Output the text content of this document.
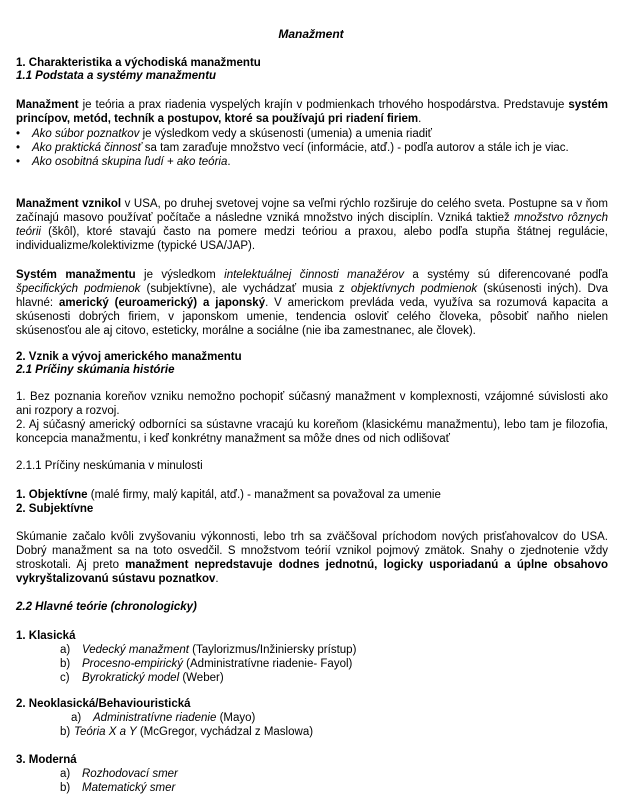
Manažment
1. Charakteristika a východiská manažmentu
1.1 Podstata a systémy manažmentu
Manažment je teória a prax riadenia vyspelých krajín v podmienkach trhového hospodárstva. Predstavuje systém princípov, metód, techník a postupov, ktoré sa používajú pri riadení firiem.
• Ako súbor poznatkov je výsledkom vedy a skúsenosti (umenia) a umenia riadiť
• Ako praktická činnosť sa tam zaraďuje množstvo vecí (informácie, atď.) - podľa autorov a stále ich je viac.
• Ako osobitná skupina ľudí + ako teória.
Manažment vznikol v USA, po druhej svetovej vojne sa veľmi rýchlo rozširuje do celého sveta. Postupne sa v ňom začínajú masovo používať počítače a následne vzniká množstvo iných disciplín. Vzniká taktiež množstvo rôznych teórii (škôl), ktoré stavajú často na pomere medzi teóriou a praxou, alebo podľa stupňa štátnej regulácie, individualizme/kolektivizme (typické USA/JAP).
Systém manažmentu je výsledkom intelektuálnej činnosti manažérov a systémy sú diferencované podľa špecifických podmienok (subjektívne), ale vychádzať musia z objektívnych podmienok (skúsenosti iných). Dva hlavné: americký (euroamerický) a japonský. V americkom prevláda veda, využíva sa rozumová kapacita a skúsenosti dobrých firiem, v japonskom umenie, tendencia osloviť celého človeka, pôsobiť naňho nielen skúsenosťou ale aj citovo, esteticky, morálne a sociálne (nie iba zamestnanec, ale človek).
2. Vznik a vývoj amerického manažmentu
2.1 Príčiny skúmania histórie
1. Bez poznania koreňov vzniku nemožno pochopiť súčasný manažment v komplexnosti, vzájomné súvislosti ako ani rozpory a rozvoj.
2. Aj súčasný americký odborníci sa sústavne vracajú ku koreňom (klasickému manažmentu), lebo tam je filozofia, koncepcia manažmentu, i keď konkrétny manažment sa môže dnes od nich odlišovať
2.1.1 Príčiny neskúmania v minulosti
1. Objektívne (malé firmy, malý kapitál, atď.) - manažment sa považoval za umenie
2. Subjektívne
Skúmanie začalo kvôli zvyšovaniu výkonnosti, lebo trh sa zväčšoval príchodom nových prisťahovalcov do USA. Dobrý manažment sa na toto osvedčil. S množstvom teórií vznikol pojmový zmätok. Snahy o zjednotenie vždy stroskotali. Aj preto manažment nepredstavuje dodnes jednotnú, logicky usporiadanú a úplne obsahovo vykryštalizovanú sústavu poznatkov.
2.2 Hlavné teórie (chronologicky)
1. Klasická
a) Vedecký manažment (Taylorizmus/Inžiniersky prístup)
b) Procesno-empirický (Administratívne riadenie- Fayol)
c) Byrokratický model (Weber)
2. Neoklasická/Behaviouristická
a) Administratívne riadenie (Mayo)
b) Teória X a Y (McGregor, vychádzal z Maslowa)
3. Moderná
a) Rozhodovací smer
b) Matematický smer
